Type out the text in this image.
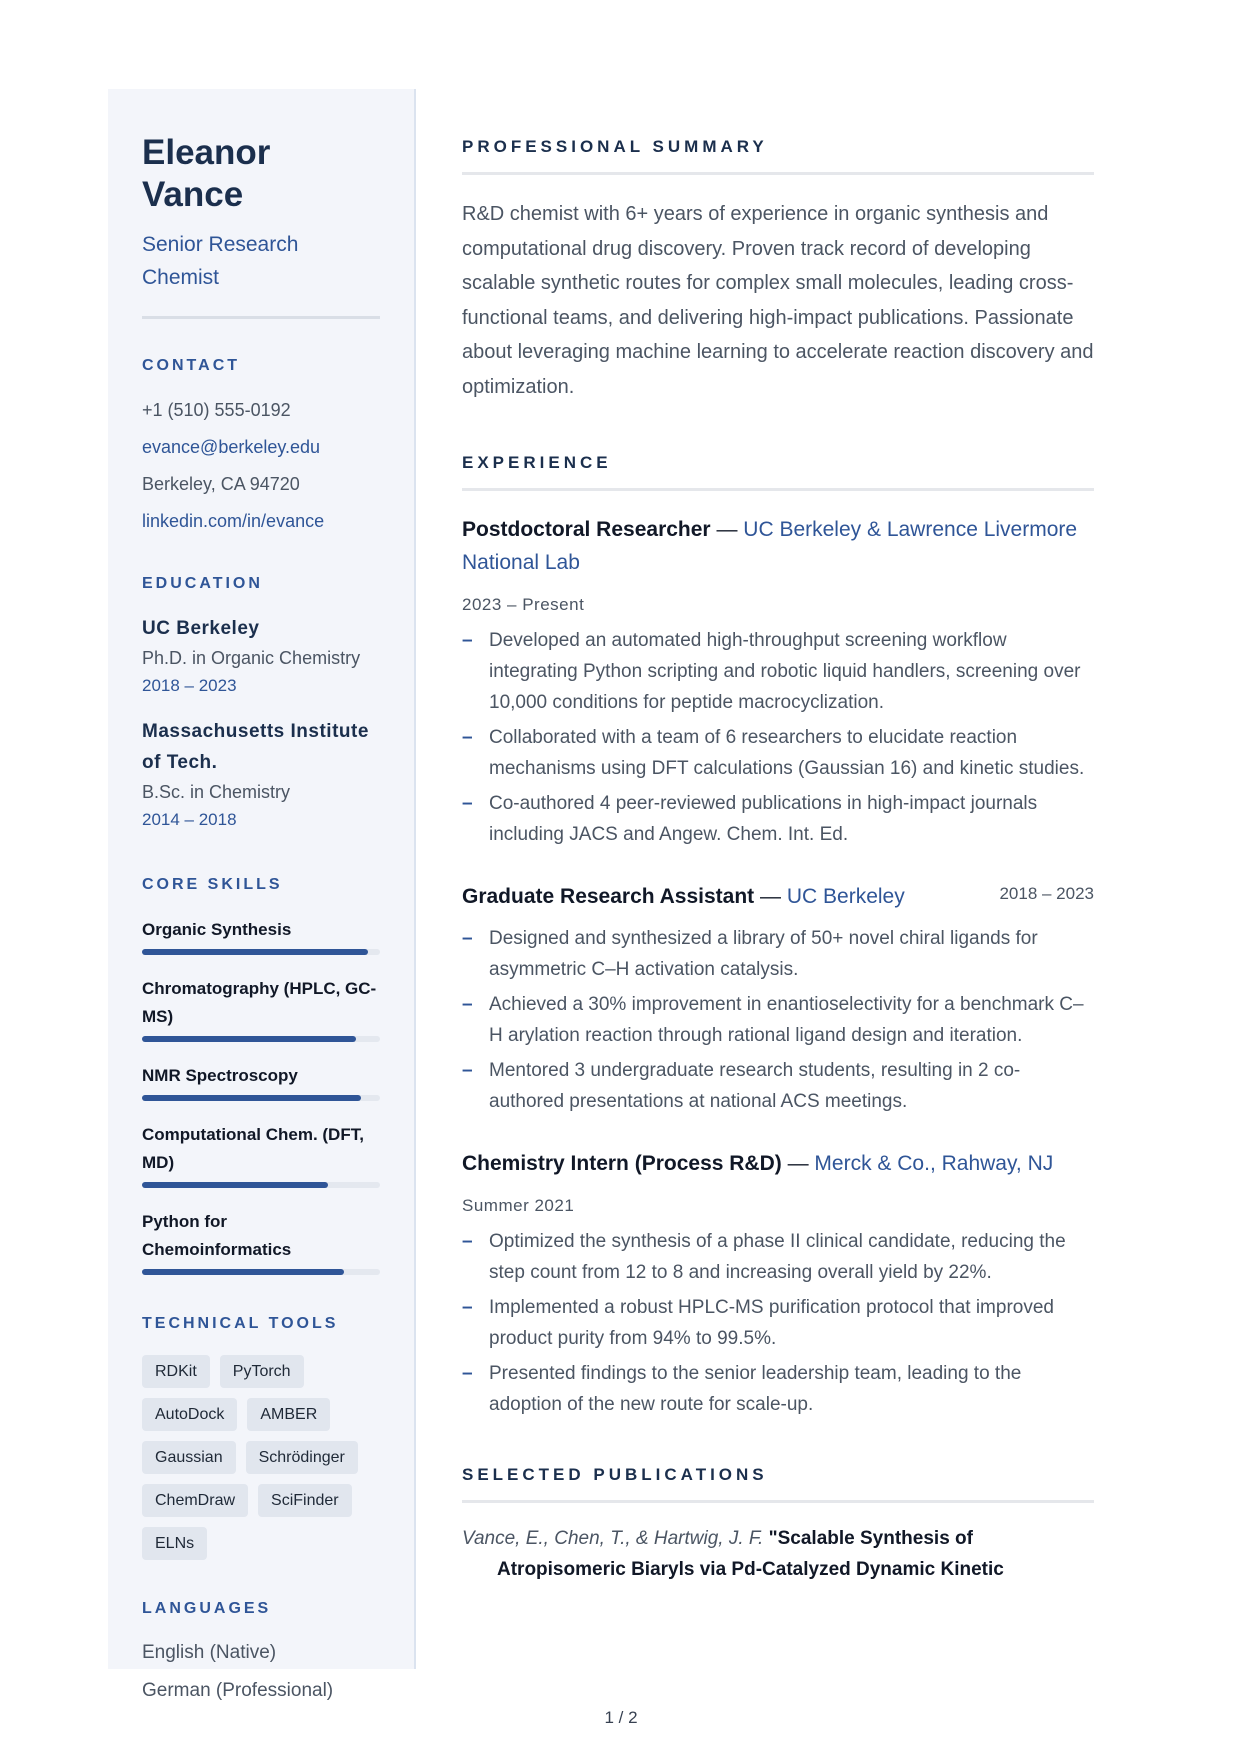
Eleanor Vance
Senior Research Chemist
CONTACT
+1 (510) 555-0192
evance@berkeley.edu
Berkeley, CA 94720
linkedin.com/in/evance
EDUCATION
UC Berkeley
Ph.D. in Organic Chemistry
2018 – 2023
Massachusetts Institute of Tech.
B.Sc. in Chemistry
2014 – 2018
CORE SKILLS
Organic Synthesis
Chromatography (HPLC, GC-MS)
NMR Spectroscopy
Computational Chem. (DFT, MD)
Python for Chemoinformatics
TECHNICAL TOOLS
RDKit	PyTorch
AutoDock	AMBER
Gaussian	Schrödinger
ChemDraw	SciFinder
ELNs
LANGUAGES
English (Native)
German (Professional)
PROFESSIONAL SUMMARY
R&D chemist with 6+ years of experience in organic synthesis and computational drug discovery. Proven track record of developing scalable synthetic routes for complex small molecules, leading cross-functional teams, and delivering high-impact publications. Passionate about leveraging machine learning to accelerate reaction discovery and optimization.
EXPERIENCE
Postdoctoral Researcher — UC Berkeley & Lawrence Livermore National Lab
2023 – Present
– Developed an automated high-throughput screening workflow integrating Python scripting and robotic liquid handlers, screening over 10,000 conditions for peptide macrocyclization.
– Collaborated with a team of 6 researchers to elucidate reaction mechanisms using DFT calculations (Gaussian 16) and kinetic studies.
– Co-authored 4 peer-reviewed publications in high-impact journals including JACS and Angew. Chem. Int. Ed.
Graduate Research Assistant — UC Berkeley	2018 – 2023
– Designed and synthesized a library of 50+ novel chiral ligands for asymmetric C–H activation catalysis.
– Achieved a 30% improvement in enantioselectivity for a benchmark C–H arylation reaction through rational ligand design and iteration.
– Mentored 3 undergraduate research students, resulting in 2 co-authored presentations at national ACS meetings.
Chemistry Intern (Process R&D) — Merck & Co., Rahway, NJ
Summer 2021
– Optimized the synthesis of a phase II clinical candidate, reducing the step count from 12 to 8 and increasing overall yield by 22%.
– Implemented a robust HPLC-MS purification protocol that improved product purity from 94% to 99.5%.
– Presented findings to the senior leadership team, leading to the adoption of the new route for scale-up.
SELECTED PUBLICATIONS
Vance, E., Chen, T., & Hartwig, J. F. "Scalable Synthesis of Atropisomeric Biaryls via Pd-Catalyzed Dynamic Kinetic
1 / 2
